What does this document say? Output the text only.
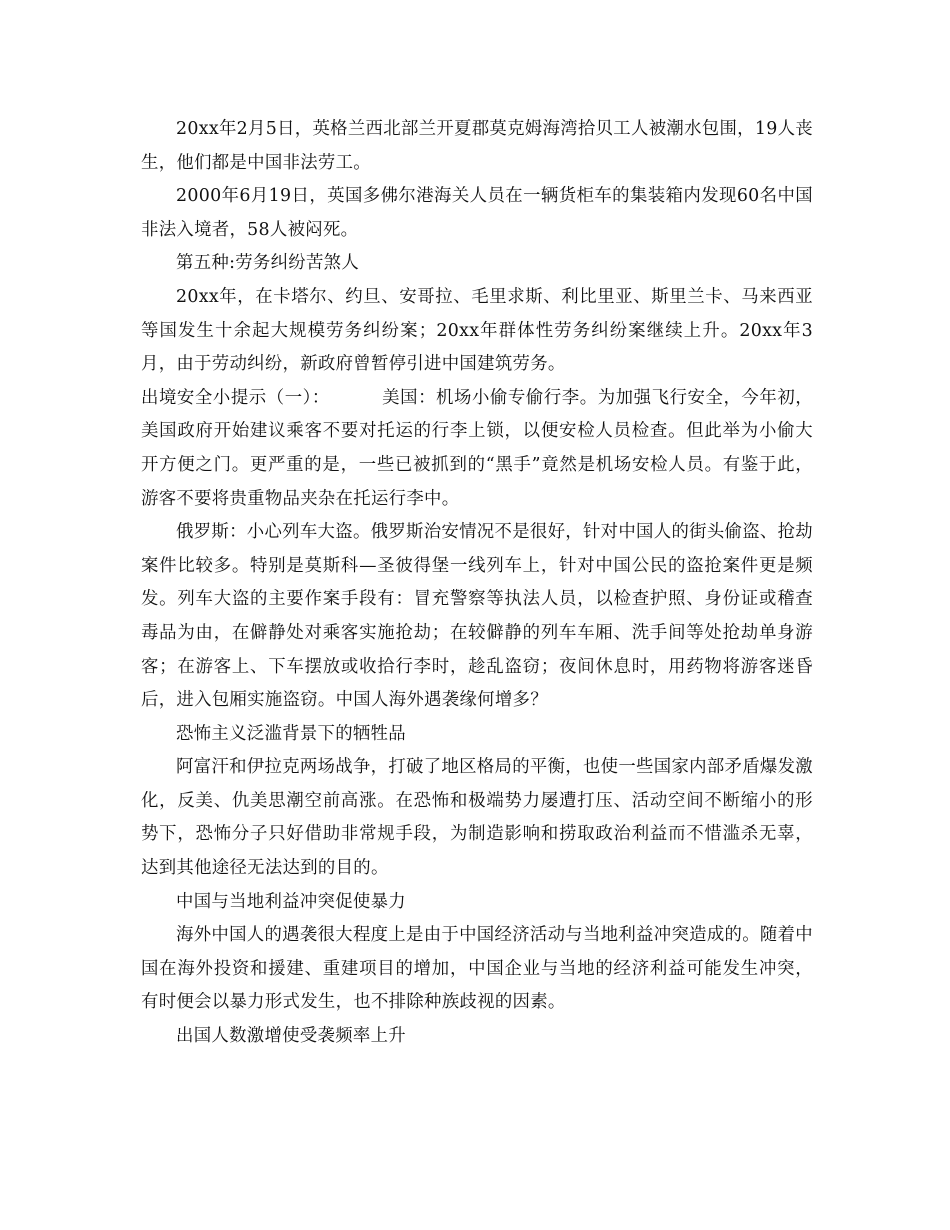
20xx年2月5日，英格兰西北部兰开夏郡莫克姆海湾拾贝工人被潮水包围，19人丧生，他们都是中国非法劳工。

2000年6月19日，英国多佛尔港海关人员在一辆货柜车的集装箱内发现60名中国非法入境者，58人被闷死。

第五种:劳务纠纷苦煞人

20xx年，在卡塔尔、约旦、安哥拉、毛里求斯、利比里亚、斯里兰卡、马来西亚等国发生十余起大规模劳务纠纷案；20xx年群体性劳务纠纷案继续上升。20xx年3月，由于劳动纠纷，新政府曾暂停引进中国建筑劳务。

出境安全小提示（一）：	美国：机场小偷专偷行李。为加强飞行安全，今年初，美国政府开始建议乘客不要对托运的行李上锁，以便安检人员检查。但此举为小偷大开方便之门。更严重的是，一些已被抓到的“黑手”竟然是机场安检人员。有鉴于此，游客不要将贵重物品夹杂在托运行李中。

俄罗斯：小心列车大盗。俄罗斯治安情况不是很好，针对中国人的街头偷盗、抢劫案件比较多。特别是莫斯科—圣彼得堡一线列车上，针对中国公民的盗抢案件更是频发。列车大盗的主要作案手段有：冒充警察等执法人员，以检查护照、身份证或稽查毒品为由，在僻静处对乘客实施抢劫；在较僻静的列车车厢、洗手间等处抢劫单身游客；在游客上、下车摆放或收拾行李时，趁乱盗窃；夜间休息时，用药物将游客迷昏后，进入包厢实施盗窃。中国人海外遇袭缘何增多？

恐怖主义泛滥背景下的牺牲品

阿富汗和伊拉克两场战争，打破了地区格局的平衡，也使一些国家内部矛盾爆发激化，反美、仇美思潮空前高涨。在恐怖和极端势力屡遭打压、活动空间不断缩小的形势下，恐怖分子只好借助非常规手段，为制造影响和捞取政治利益而不惜滥杀无辜，达到其他途径无法达到的目的。

中国与当地利益冲突促使暴力

海外中国人的遇袭很大程度上是由于中国经济活动与当地利益冲突造成的。随着中国在海外投资和援建、重建项目的增加，中国企业与当地的经济利益可能发生冲突，有时便会以暴力形式发生，也不排除种族歧视的因素。

出国人数激增使受袭频率上升
